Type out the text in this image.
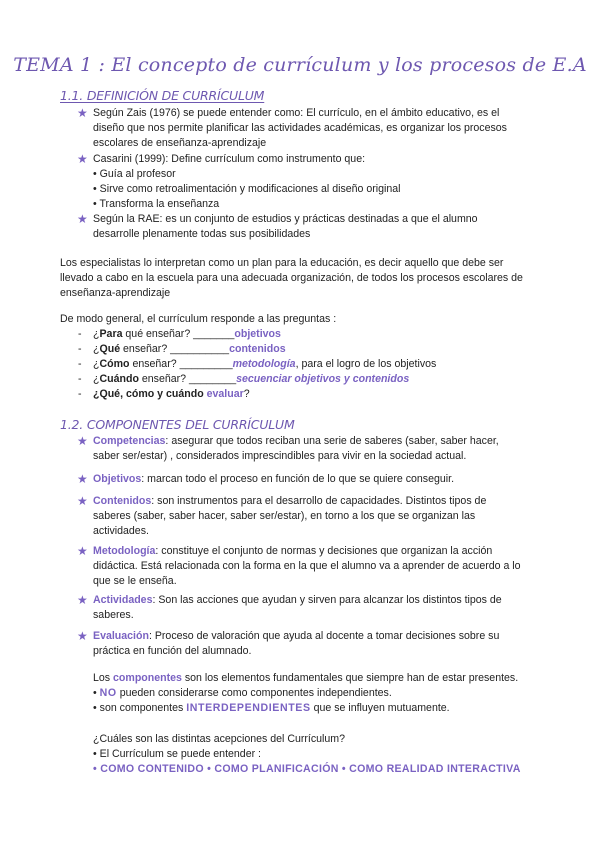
TEMA 1 : El concepto de currículum y los procesos de E.A
1.1. DEFINICIÓN DE CURRÍCULUM
★ Según Zais (1976) se puede entender como: El currículo, en el ámbito educativo, es el diseño que nos permite planificar las actividades académicas, es organizar los procesos escolares de enseñanza-aprendizaje
★ Casarini (1999): Define currículum como instrumento que:
• Guía al profesor
• Sirve como retroalimentación y modificaciones al diseño original
• Transforma la enseñanza
★ Según la RAE: es un conjunto de estudios y prácticas destinadas a que el alumno desarrolle plenamente todas sus posibilidades
Los especialistas lo interpretan como un plan para la educación, es decir aquello que debe ser llevado a cabo en la escuela para una adecuada organización, de todos los procesos escolares de enseñanza-aprendizaje
De modo general, el currículum responde a las preguntas :
- ¿Para qué enseñar? _______objetivos
- ¿Qué enseñar? __________contenidos
- ¿Cómo enseñar? _________metodología, para el logro de los objetivos
- ¿Cuándo enseñar? ________secuenciar objetivos y contenidos
- ¿Qué, cómo y cuándo evaluar?
1.2. COMPONENTES DEL CURRÍCULUM
★ Competencias: asegurar que todos reciban una serie de saberes (saber, saber hacer, saber ser/estar) , considerados imprescindibles para vivir en la sociedad actual.
★ Objetivos: marcan todo el proceso en función de lo que se quiere conseguir.
★ Contenidos: son instrumentos para el desarrollo de capacidades. Distintos tipos de saberes (saber, saber hacer, saber ser/estar), en torno a los que se organizan las actividades.
★ Metodología: constituye el conjunto de normas y decisiones que organizan la acción didáctica. Está relacionada con la forma en la que el alumno va a aprender de acuerdo a lo que se le enseña.
★ Actividades: Son las acciones que ayudan y sirven para alcanzar los distintos tipos de saberes.
★ Evaluación: Proceso de valoración que ayuda al docente a tomar decisiones sobre su práctica en función del alumnado.
Los componentes son los elementos fundamentales que siempre han de estar presentes.
• NO pueden considerarse como componentes independientes.
• son componentes INTERDEPENDIENTES que se influyen mutuamente.
¿Cuáles son las distintas acepciones del Currículum?
• El Currículum se puede entender :
• COMO CONTENIDO • COMO PLANIFICACIÓN • COMO REALIDAD INTERACTIVA
